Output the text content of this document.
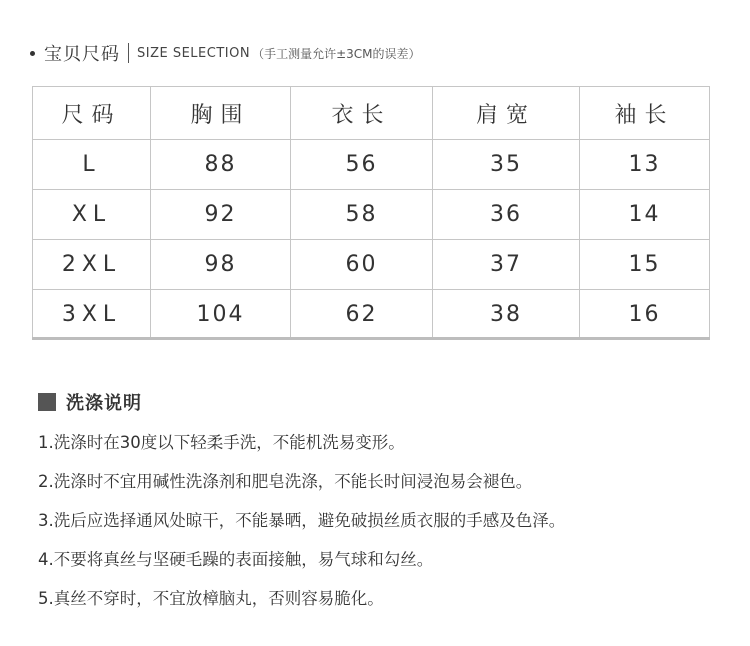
宝贝尺码 SIZE SELECTION （手工测量允许±3CM的误差）
尺码	胸围	衣长	肩宽	袖长
L	88	56	35	13
XL	92	58	36	14
2XL	98	60	37	15
3XL	104	62	38	16
洗涤说明
1.洗涤时在30度以下轻柔手洗，不能机洗易变形。
2.洗涤时不宜用碱性洗涤剂和肥皂洗涤，不能长时间浸泡易会褪色。
3.洗后应选择通风处晾干，不能暴晒，避免破损丝质衣服的手感及色泽。
4.不要将真丝与坚硬毛躁的表面接触，易气球和勾丝。
5.真丝不穿时，不宜放樟脑丸，否则容易脆化。
